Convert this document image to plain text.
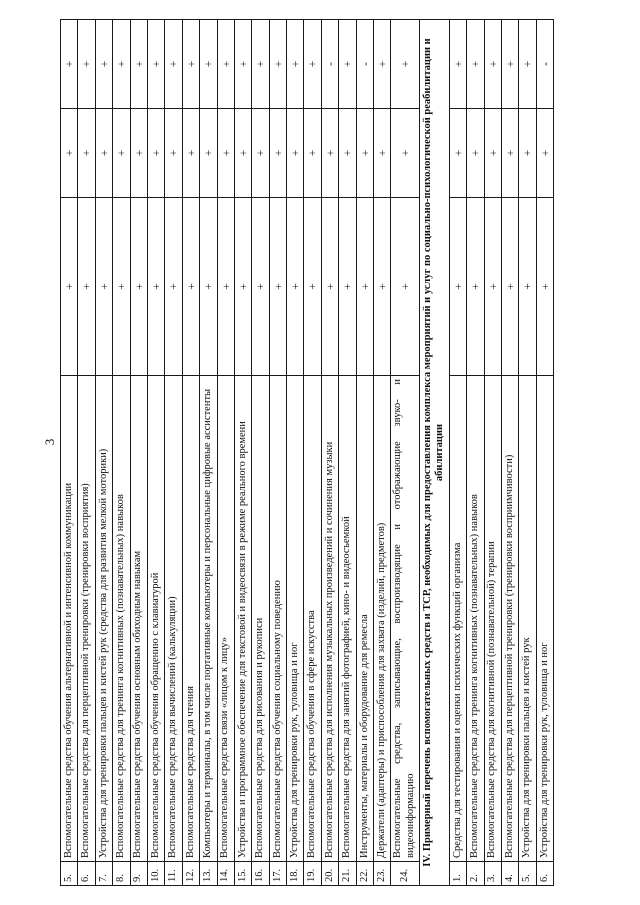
3
5.	Вспомогательные средства обучения альтернативной и интенсивной коммуникации	+	+	+
6.	Вспомогательные средства для перцептивной тренировки (тренировки восприятия)	+	+	+
7.	Устройства для тренировки пальцев и кистей рук (средства для развития мелкой моторики)	+	+	+
8.	Вспомогательные средства для тренинга когнитивных (познавательных) навыков	+	+	+
9.	Вспомогательные средства обучения основным обиходным навыкам	+	+	+
10.	Вспомогательные средства обучения обращению с клавиатурой	+	+	+
11.	Вспомогательные средства для вычислений (калькуляции)	+	+	+
12.	Вспомогательные средства для чтения	+	+	+
13.	Компьютеры и терминалы, в том числе портативные компьютеры и персональные цифровые ассистенты	+	+	+
14.	Вспомогательные средства связи «лицом к лицу»	+	+	+
15.	Устройства и программное обеспечение для текстовой и видеосвязи в режиме реального времени	+	+	+
16.	Вспомогательные средства для рисования и рукописи	+	+	+
17.	Вспомогательные средства обучения социальному поведению	+	+	+
18.	Устройства для тренировки рук, туловища и ног	+	+	+
19.	Вспомогательные средства обучения в сфере искусства	+	+	+
20.	Вспомогательные средства для исполнения музыкальных произведений и сочинения музыки	+	+	-
21.	Вспомогательные средства для занятий фотографией, кино- и видеосъемкой	+	+	+
22.	Инструменты, материалы и оборудование для ремесла	+	+	-
23.	Держатели (адаптеры) и приспособления для захвата (изделий, предметов)	+	+	+
24.	Вспомогательные средства, записывающие, воспроизводящие и отображающие звуко- и видеоинформацию	+	+	+
IV. Примерный перечень вспомогательных средств и ТСР, необходимых для предоставления комплекса мероприятий и услуг по социально-психологической реабилитации и абилитации				
1.	Средства для тестирования и оценки психических функций организма	+	+	+
2.	Вспомогательные средства для тренинга когнитивных (познавательных) навыков	+	+	+
3.	Вспомогательные средства для когнитивной (познавательной) терапии	+	+	+
4.	Вспомогательные средства для перцептивной тренировки (тренировки восприимчивости)	+	+	+
5.	Устройства для тренировки пальцев и кистей рук	+	+	+
6.	Устройства для тренировки рук, туловища и ног	+	+	-
